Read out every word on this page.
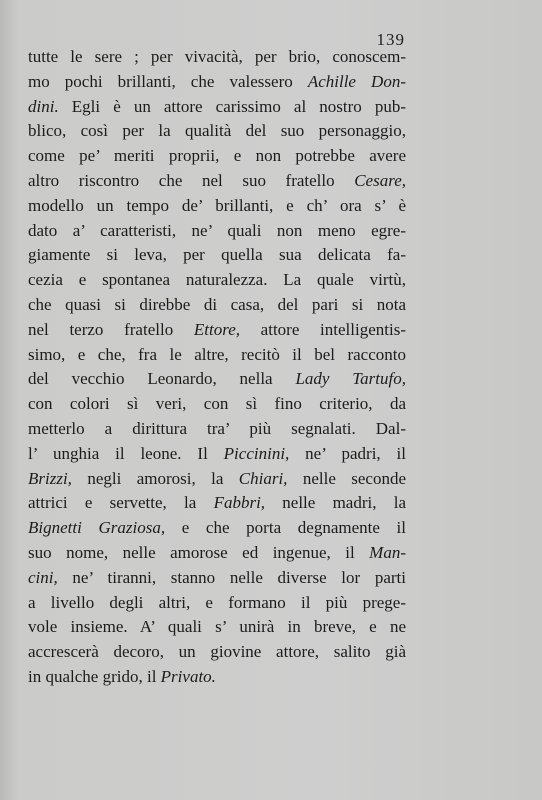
139
tutte le sere ; per vivacità, per brio, conoscem-
mo pochi brillanti, che valessero Achille Don-
dini. Egli è un attore carissimo al nostro pub-
blico, così per la qualità del suo personaggio,
come pe’ meriti proprii, e non potrebbe avere
altro riscontro che nel suo fratello Cesare,
modello un tempo de’ brillanti, e ch’ ora s’ è
dato a’ caratteristi, ne’ quali non meno egre-
giamente si leva, per quella sua delicata fa-
cezia e spontanea naturalezza. La quale virtù,
che quasi si direbbe di casa, del pari si nota
nel terzo fratello Ettore, attore intelligentis-
simo, e che, fra le altre, recitò il bel racconto
del vecchio Leonardo, nella Lady Tartufo,
con colori sì veri, con sì fino criterio, da
metterlo a dirittura tra’ più segnalati. Dal-
l’ unghia il leone. Il Piccinini, ne’ padri, il
Brizzi, negli amorosi, la Chiari, nelle seconde
attrici e servette, la Fabbri, nelle madri, la
Bignetti Graziosa, e che porta degnamente il
suo nome, nelle amorose ed ingenue, il Man-
cini, ne’ tiranni, stanno nelle diverse lor parti
a livello degli altri, e formano il più prege-
vole insieme. A’ quali s’ unirà in breve, e ne
accrescerà decoro, un giovine attore, salito già
in qualche grido, il Privato.
